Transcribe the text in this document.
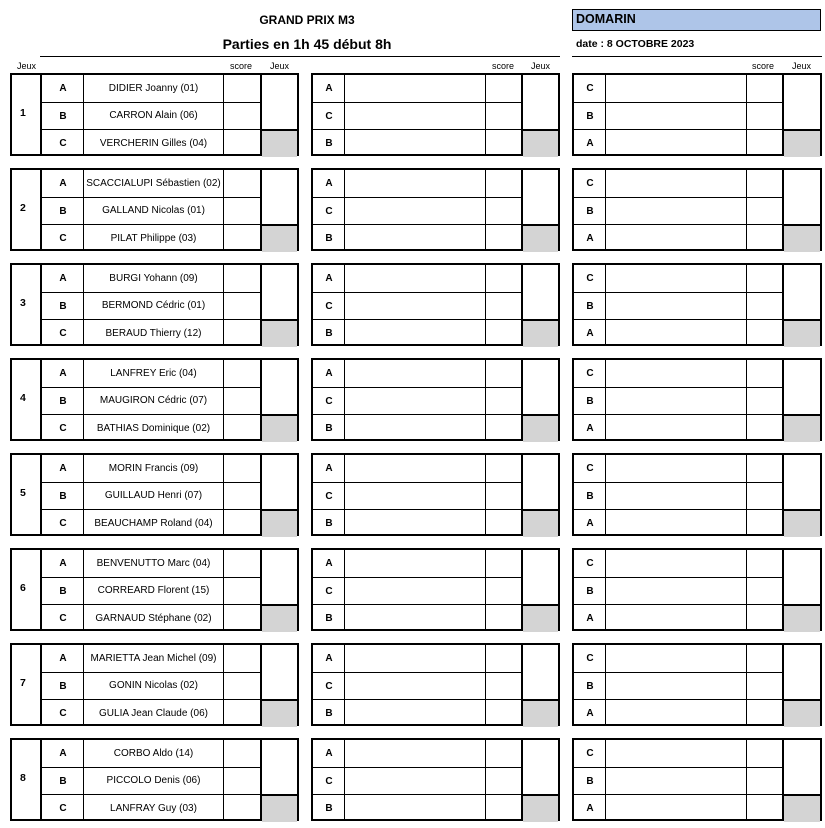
GRAND PRIX M3
Parties en 1h 45 début 8h
DOMARIN
date : 8 OCTOBRE 2023
Jeux	score Jeux	score Jeux	score Jeux
A	DIDIER Joanny (01)
B	CARRON Alain (06)
C	VERCHERIN Gilles (04)
1
A
C
B
C
B
A
A	SCACCIALUPI Sébastien (02)
B	GALLAND Nicolas (01)
C	PILAT Philippe (03)
2
A
C
B
C
B
A
A	BURGI Yohann (09)
B	BERMOND Cédric (01)
C	BERAUD Thierry (12)
3
A
C
B
C
B
A
A	LANFREY Eric (04)
B	MAUGIRON Cédric (07)
C	BATHIAS Dominique (02)
4
A
C
B
C
B
A
A	MORIN Francis (09)
B	GUILLAUD Henri (07)
C	BEAUCHAMP Roland (04)
5
A
C
B
C
B
A
A	BENVENUTTO Marc (04)
B	CORREARD Florent (15)
C	GARNAUD Stéphane (02)
6
A
C
B
C
B
A
A	MARIETTA Jean Michel (09)
B	GONIN Nicolas (02)
C	GULIA Jean Claude (06)
7
A
C
B
C
B
A
A	CORBO Aldo (14)
B	PICCOLO Denis (06)
C	LANFRAY Guy (03)
8
A
C
B
C
B
A
